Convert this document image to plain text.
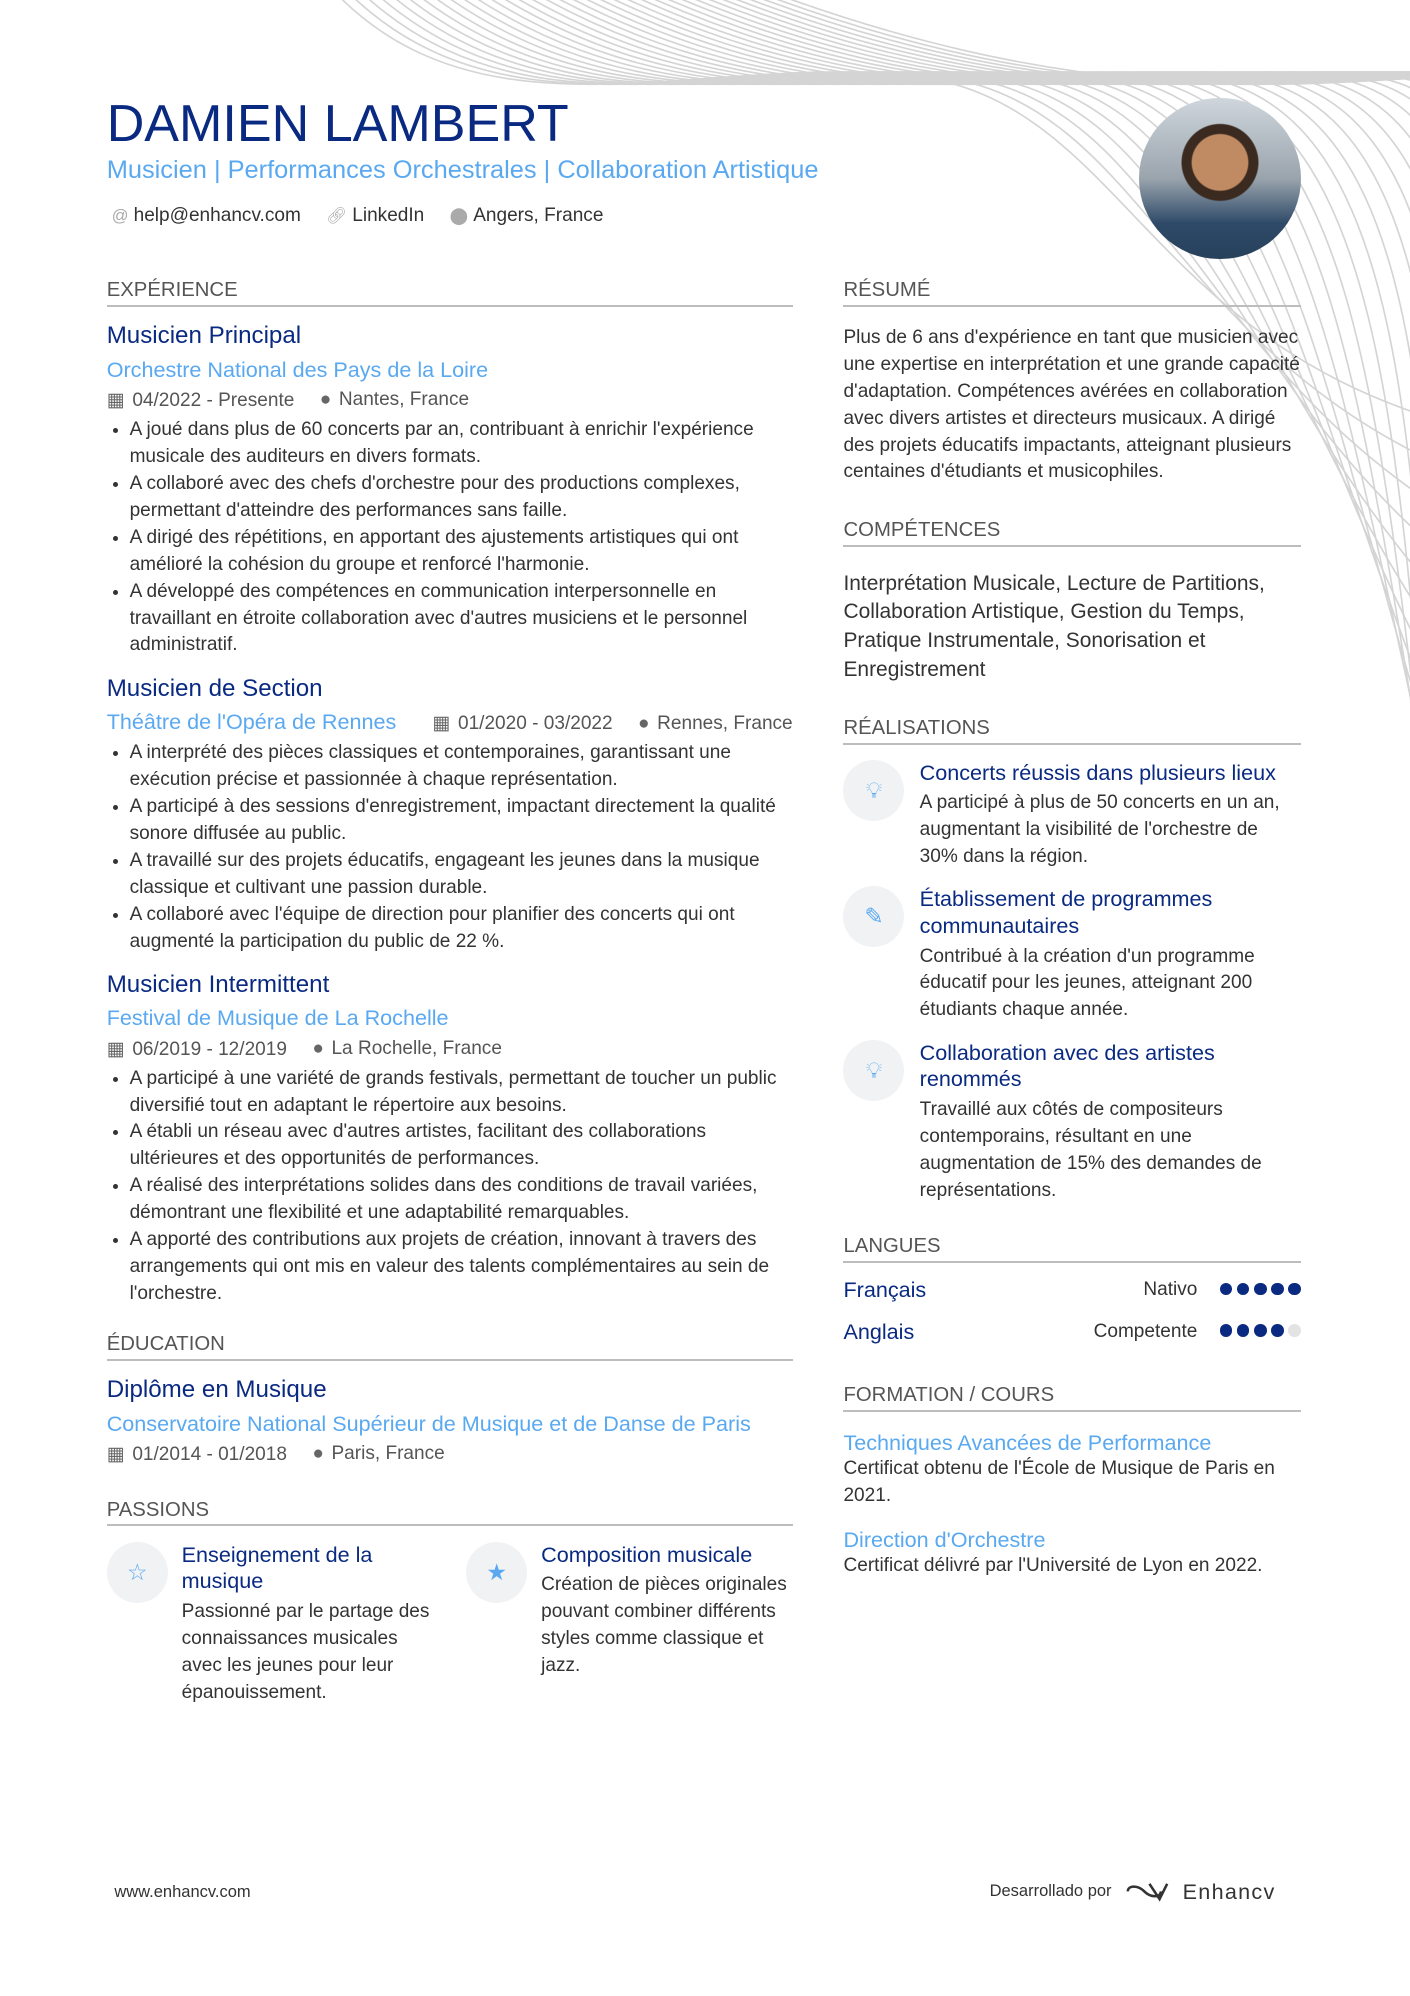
DAMIEN LAMBERT
Musicien | Performances Orchestrales | Collaboration Artistique
@ help@enhancv.com 🔗︎ LinkedIn ⬤ Angers, France
EXPÉRIENCE
Musicien Principal
Orchestre National des Pays de la Loire
▦ 04/2022 - Presente ● Nantes, France
• A joué dans plus de 60 concerts par an, contribuant à enrichir l'expérience musicale des auditeurs en divers formats.
• A collaboré avec des chefs d'orchestre pour des productions complexes, permettant d'atteindre des performances sans faille.
• A dirigé des répétitions, en apportant des ajustements artistiques qui ont amélioré la cohésion du groupe et renforcé l'harmonie.
• A développé des compétences en communication interpersonnelle en travaillant en étroite collaboration avec d'autres musiciens et le personnel administratif.
Musicien de Section
Théâtre de l'Opéra de Rennes ▦ 01/2020 - 03/2022 ● Rennes, France
• A interprété des pièces classiques et contemporaines, garantissant une exécution précise et passionnée à chaque représentation.
• A participé à des sessions d'enregistrement, impactant directement la qualité sonore diffusée au public.
• A travaillé sur des projets éducatifs, engageant les jeunes dans la musique classique et cultivant une passion durable.
• A collaboré avec l'équipe de direction pour planifier des concerts qui ont augmenté la participation du public de 22 %.
Musicien Intermittent
Festival de Musique de La Rochelle
▦ 06/2019 - 12/2019 ● La Rochelle, France
• A participé à une variété de grands festivals, permettant de toucher un public diversifié tout en adaptant le répertoire aux besoins.
• A établi un réseau avec d'autres artistes, facilitant des collaborations ultérieures et des opportunités de performances.
• A réalisé des interprétations solides dans des conditions de travail variées, démontrant une flexibilité et une adaptabilité remarquables.
• A apporté des contributions aux projets de création, innovant à travers des arrangements qui ont mis en valeur des talents complémentaires au sein de l'orchestre.
ÉDUCATION
Diplôme en Musique
Conservatoire National Supérieur de Musique et de Danse de Paris
▦ 01/2014 - 01/2018 ● Paris, France
PASSIONS
☆
Enseignement de la musique
Passionné par le partage des connaissances musicales avec les jeunes pour leur épanouissement.
★
Composition musicale
Création de pièces originales pouvant combiner différents styles comme classique et jazz.
RÉSUMÉ
Plus de 6 ans d'expérience en tant que musicien avec une expertise en interprétation et une grande capacité d'adaptation. Compétences avérées en collaboration avec divers artistes et directeurs musicaux. A dirigé des projets éducatifs impactants, atteignant plusieurs centaines d'étudiants et musicophiles.
COMPÉTENCES
Interprétation Musicale, Lecture de Partitions, Collaboration Artistique, Gestion du Temps, Pratique Instrumentale, Sonorisation et Enregistrement
RÉALISATIONS
💡︎
Concerts réussis dans plusieurs lieux
A participé à plus de 50 concerts en un an, augmentant la visibilité de l'orchestre de 30% dans la région.
✎
Établissement de programmes communautaires
Contribué à la création d'un programme éducatif pour les jeunes, atteignant 200 étudiants chaque année.
💡︎
Collaboration avec des artistes renommés
Travaillé aux côtés de compositeurs contemporains, résultant en une augmentation de 15% des demandes de représentations.
LANGUES
Français	Nativo
Anglais	Competente
FORMATION / COURS
Techniques Avancées de Performance
Certificat obtenu de l'École de Musique de Paris en 2021.
Direction d'Orchestre
Certificat délivré par l'Université de Lyon en 2022.
www.enhancv.com	Desarrollado por	Enhancv
